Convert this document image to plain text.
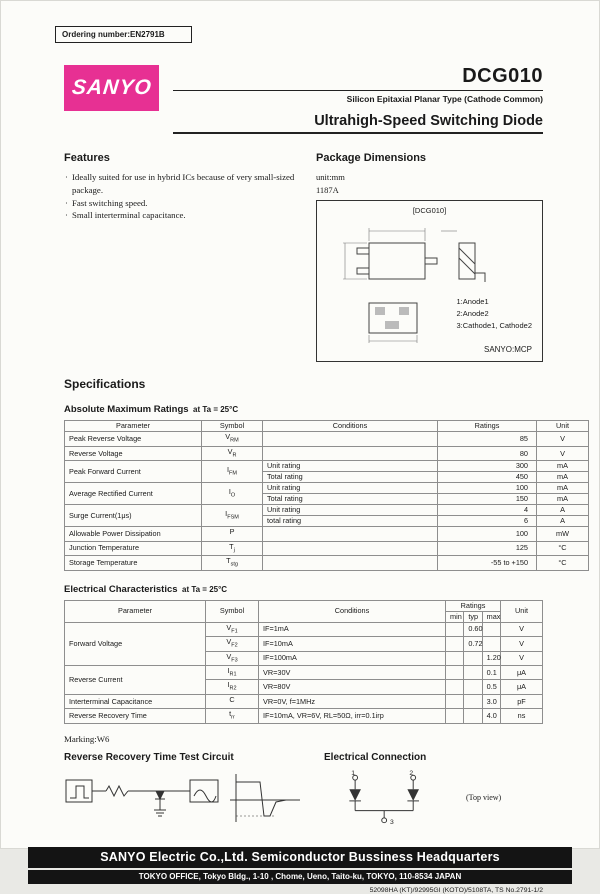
Ordering number:EN2791B
SANYO	DCG010
Silicon Epitaxial Planar Type (Cathode Common)
Ultrahigh-Speed Switching Diode
Features
· Ideally suited for use in hybrid ICs because of very small-sized package.
· Fast switching speed.
· Small interterminal capacitance.
Package Dimensions
unit:mm
1187A
[DCG010]
1:Anode1
2:Anode2
3:Cathode1, Cathode2
SANYO:MCP
Specifications
Absolute Maximum Ratings at Ta = 25°C
Parameter	Symbol	Conditions	Ratings	Unit
Peak Reverse Voltage	$V_{RM}$		85	V
Reverse Voltage	$V_R$		80	V
Peak Forward Current	$I_{FM}$	Unit rating	300	mA
		Total rating	450	mA
Average Rectified Current	$I_O$	Unit rating	100	mA
		Total rating	150	mA
Surge Current(1μs)	$I_{FSM}$	Unit rating	4	A
		total rating	6	A
Allowable Power Dissipation	P		100	mW
Junction Temperature	$T_j$		125	°C
Storage Temperature	$T_{stg}$		-55 to +150	°C
Electrical Characteristics at Ta = 25°C
Parameter	Symbol	Conditions	Ratings			Unit
			min	typ	max	
Forward Voltage	$V_{F1}$	IF=1mA		0.60		V
	$V_{F2}$	IF=10mA		0.72		V
	$V_{F3}$	IF=100mA			1.20	V
Reverse Current	$I_{R1}$	VR=30V			0.1	μA
	$I_{R2}$	VR=80V			0.5	μA
Interterminal Capacitance	C	VR=0V, f=1MHz			3.0	pF
Reverse Recovery Time	$t_{rr}$	IF=10mA, VR=6V, RL=50Ω, irr=0.1irp			4.0	ns
Marking:W6
Reverse Recovery Time Test Circuit	Electrical Connection
1	2
3
(Top view)
SANYO Electric Co.,Ltd. Semiconductor Bussiness Headquarters
TOKYO OFFICE, Tokyo Bldg., 1-10 , Chome, Ueno, Taito-ku, TOKYO, 110-8534 JAPAN
52098HA (KT)/92995GI (KOTO)/5108TA, TS No.2791-1/2
